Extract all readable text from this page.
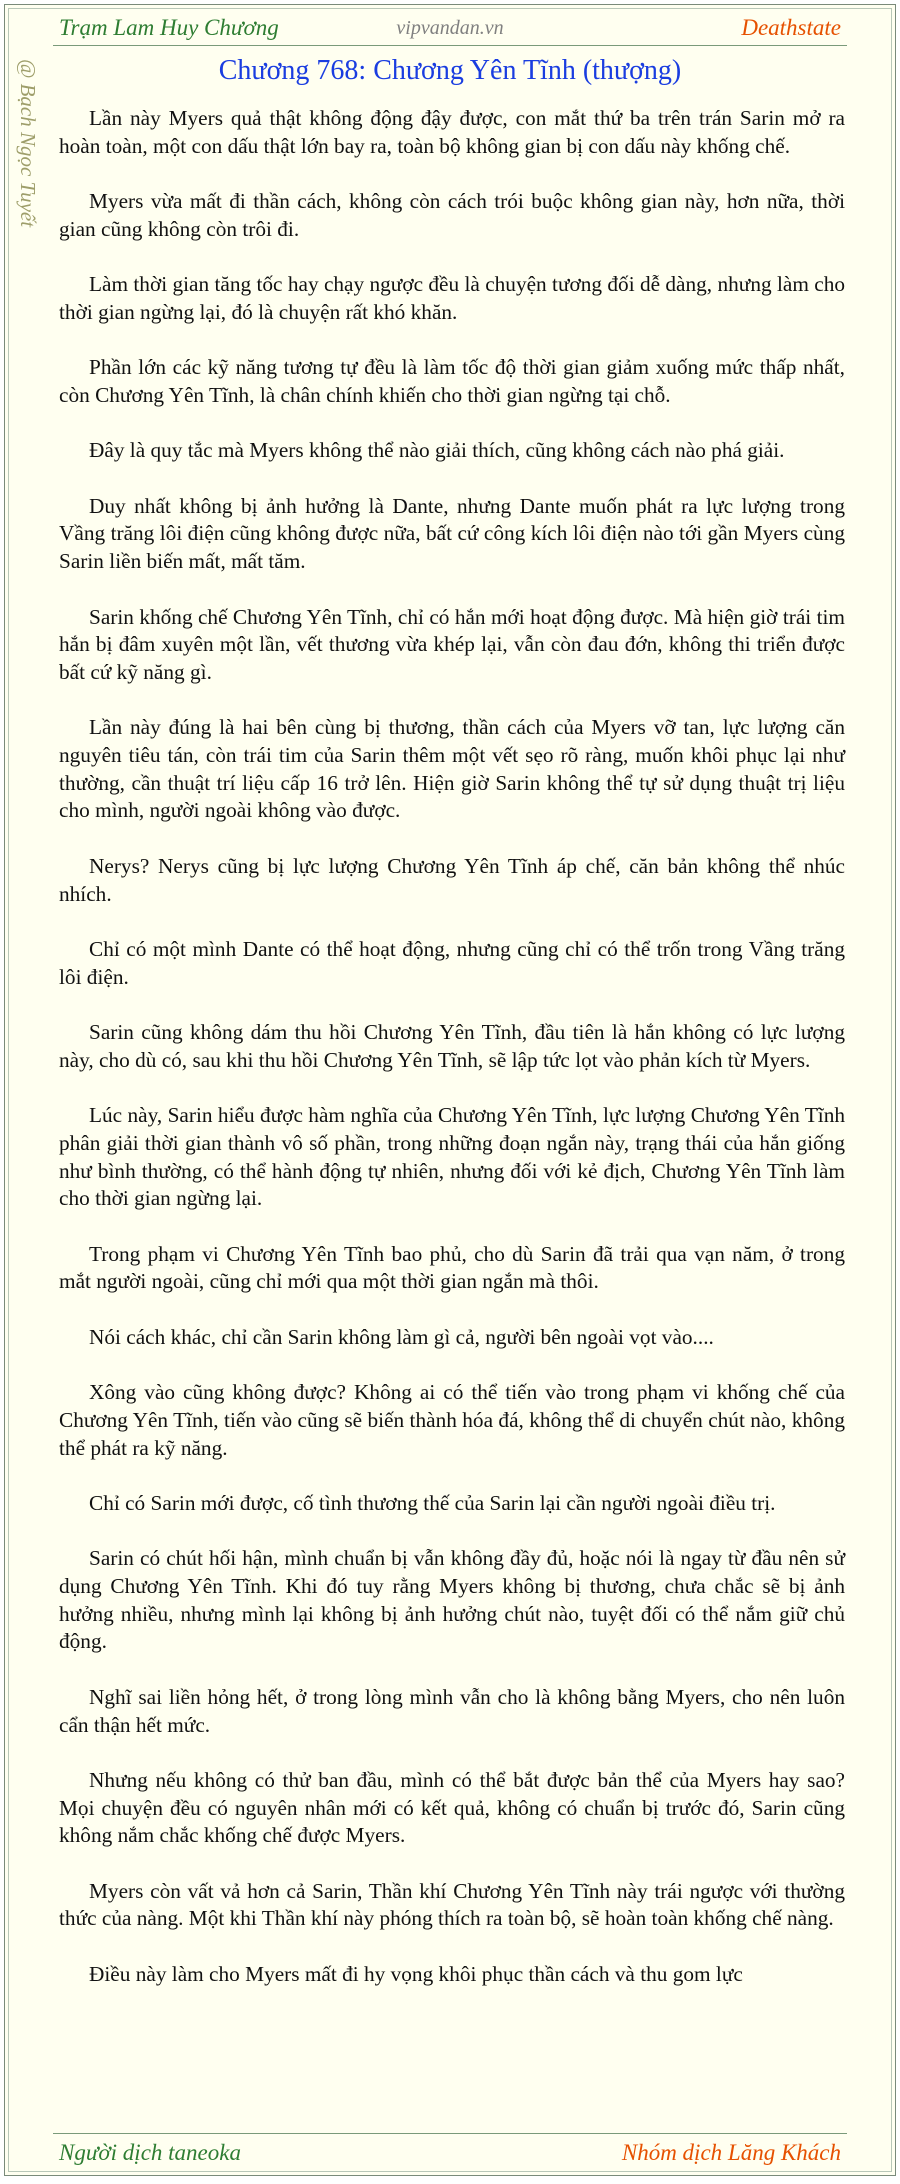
Trạm Lam Huy Chương	vipvandan.vn	Deathstate
@ Bạch Ngọc Tuyết	Chương 768: Chương Yên Tĩnh (thượng)

Lần này Myers quả thật không động đậy được, con mắt thứ ba trên trán Sarin mở ra hoàn toàn, một con dấu thật lớn bay ra, toàn bộ không gian bị con dấu này khống chế.

Myers vừa mất đi thần cách, không còn cách trói buộc không gian này, hơn nữa, thời gian cũng không còn trôi đi.

Làm thời gian tăng tốc hay chạy ngược đều là chuyện tương đối dễ dàng, nhưng làm cho thời gian ngừng lại, đó là chuyện rất khó khăn.

Phần lớn các kỹ năng tương tự đều là làm tốc độ thời gian giảm xuống mức thấp nhất, còn Chương Yên Tĩnh, là chân chính khiến cho thời gian ngừng tại chỗ.

Đây là quy tắc mà Myers không thể nào giải thích, cũng không cách nào phá giải.

Duy nhất không bị ảnh hưởng là Dante, nhưng Dante muốn phát ra lực lượng trong Vầng trăng lôi điện cũng không được nữa, bất cứ công kích lôi điện nào tới gần Myers cùng Sarin liền biến mất, mất tăm.

Sarin khống chế Chương Yên Tĩnh, chỉ có hắn mới hoạt động được. Mà hiện giờ trái tim hắn bị đâm xuyên một lần, vết thương vừa khép lại, vẫn còn đau đớn, không thi triển được bất cứ kỹ năng gì.

Lần này đúng là hai bên cùng bị thương, thần cách của Myers vỡ tan, lực lượng căn nguyên tiêu tán, còn trái tim của Sarin thêm một vết sẹo rõ ràng, muốn khôi phục lại như thường, cần thuật trí liệu cấp 16 trở lên. Hiện giờ Sarin không thể tự sử dụng thuật trị liệu cho mình, người ngoài không vào được.

Nerys? Nerys cũng bị lực lượng Chương Yên Tĩnh áp chế, căn bản không thể nhúc nhích.

Chỉ có một mình Dante có thể hoạt động, nhưng cũng chỉ có thể trốn trong Vầng trăng lôi điện.

Sarin cũng không dám thu hồi Chương Yên Tĩnh, đầu tiên là hắn không có lực lượng này, cho dù có, sau khi thu hồi Chương Yên Tĩnh, sẽ lập tức lọt vào phản kích từ Myers.

Lúc này, Sarin hiểu được hàm nghĩa của Chương Yên Tĩnh, lực lượng Chương Yên Tĩnh phân giải thời gian thành vô số phần, trong những đoạn ngắn này, trạng thái của hắn giống như bình thường, có thể hành động tự nhiên, nhưng đối với kẻ địch, Chương Yên Tĩnh làm cho thời gian ngừng lại.

Trong phạm vi Chương Yên Tĩnh bao phủ, cho dù Sarin đã trải qua vạn năm, ở trong mắt người ngoài, cũng chỉ mới qua một thời gian ngắn mà thôi.

Nói cách khác, chỉ cần Sarin không làm gì cả, người bên ngoài vọt vào....

Xông vào cũng không được? Không ai có thể tiến vào trong phạm vi khống chế của Chương Yên Tĩnh, tiến vào cũng sẽ biến thành hóa đá, không thể di chuyển chút nào, không thể phát ra kỹ năng.

Chỉ có Sarin mới được, cố tình thương thế của Sarin lại cần người ngoài điều trị.

Sarin có chút hối hận, mình chuẩn bị vẫn không đầy đủ, hoặc nói là ngay từ đầu nên sử dụng Chương Yên Tĩnh. Khi đó tuy rằng Myers không bị thương, chưa chắc sẽ bị ảnh hưởng nhiều, nhưng mình lại không bị ảnh hưởng chút nào, tuyệt đối có thể nắm giữ chủ động.

Nghĩ sai liền hỏng hết, ở trong lòng mình vẫn cho là không bằng Myers, cho nên luôn cẩn thận hết mức.

Nhưng nếu không có thử ban đầu, mình có thể bắt được bản thể của Myers hay sao? Mọi chuyện đều có nguyên nhân mới có kết quả, không có chuẩn bị trước đó, Sarin cũng không nắm chắc khống chế được Myers.

Myers còn vất vả hơn cả Sarin, Thần khí Chương Yên Tĩnh này trái ngược với thường thức của nàng. Một khi Thần khí này phóng thích ra toàn bộ, sẽ hoàn toàn khống chế nàng.

Điều này làm cho Myers mất đi hy vọng khôi phục thần cách và thu gom lực

Người dịch taneoka	Nhóm dịch Lăng Khách
